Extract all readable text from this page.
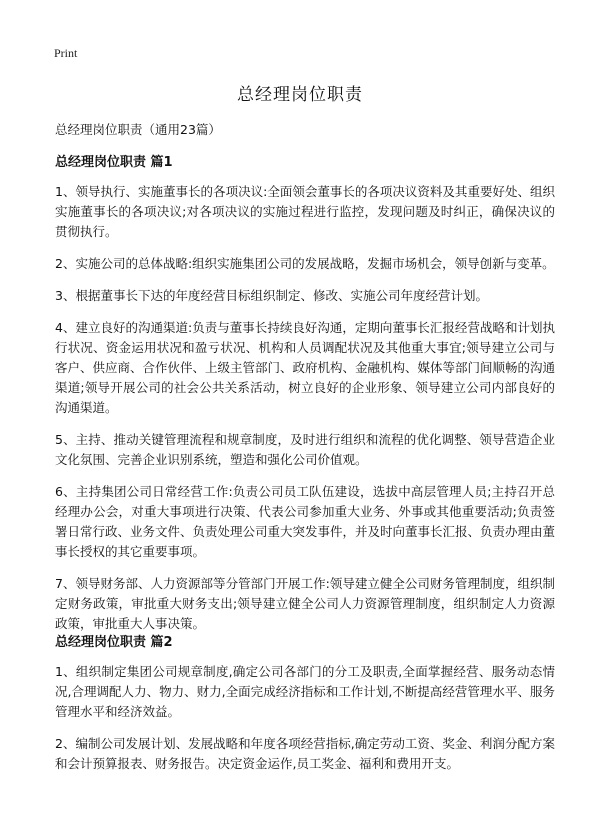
Print
总经理岗位职责

总经理岗位职责（通用23篇）

总经理岗位职责 篇1

1、领导执行、实施董事长的各项决议:全面领会董事长的各项决议资料及其重要好处、组织实施董事长的各项决议;对各项决议的实施过程进行监控，发现问题及时纠正，确保决议的贯彻执行。

2、实施公司的总体战略:组织实施集团公司的发展战略，发掘市场机会，领导创新与变革。

3、根据董事长下达的年度经营目标组织制定、修改、实施公司年度经营计划。

4、建立良好的沟通渠道:负责与董事长持续良好沟通，定期向董事长汇报经营战略和计划执行状况、资金运用状况和盈亏状况、机构和人员调配状况及其他重大事宜;领导建立公司与客户、供应商、合作伙伴、上级主管部门、政府机构、金融机构、媒体等部门间顺畅的沟通渠道;领导开展公司的社会公共关系活动，树立良好的企业形象、领导建立公司内部良好的沟通渠道。

5、主持、推动关键管理流程和规章制度，及时进行组织和流程的优化调整、领导营造企业文化氛围、完善企业识别系统，塑造和强化公司价值观。

6、主持集团公司日常经营工作:负责公司员工队伍建设，选拔中高层管理人员;主持召开总经理办公会，对重大事项进行决策、代表公司参加重大业务、外事或其他重要活动;负责签署日常行政、业务文件、负责处理公司重大突发事件，并及时向董事长汇报、负责办理由董事长授权的其它重要事项。

7、领导财务部、人力资源部等分管部门开展工作:领导建立健全公司财务管理制度，组织制定财务政策，审批重大财务支出;领导建立健全公司人力资源管理制度，组织制定人力资源政策，审批重大人事决策。

总经理岗位职责 篇2

1、组织制定集团公司规章制度,确定公司各部门的分工及职责,全面掌握经营、服务动态情况,合理调配人力、物力、财力,全面完成经济指标和工作计划,不断提高经营管理水平、服务管理水平和经济效益。

2、编制公司发展计划、发展战略和年度各项经营指标,确定劳动工资、奖金、利润分配方案和会计预算报表、财务报告。决定资金运作,员工奖金、福利和费用开支。
